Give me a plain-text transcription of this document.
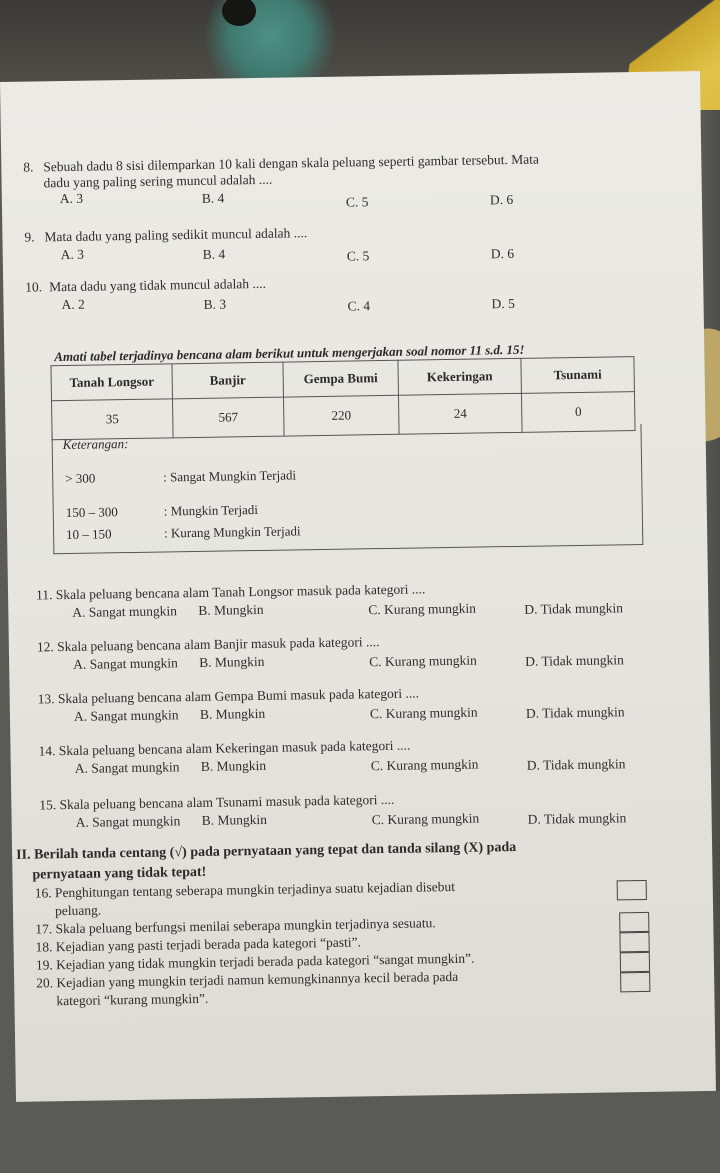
8. Sebuah dadu 8 sisi dilemparkan 10 kali dengan skala peluang seperti gambar tersebut. Mata
dadu yang paling sering muncul adalah ....
A. 3	B. 4	C. 5	D. 6
9. Mata dadu yang paling sedikit muncul adalah ....
A. 3	B. 4	C. 5	D. 6
10. Mata dadu yang tidak muncul adalah ....
A. 2	B. 3	C. 4	D. 5
Amati tabel terjadinya bencana alam berikut untuk mengerjakan soal nomor 11 s.d. 15!
Tanah Longsor	Banjir	Gempa Bumi	Kekeringan	Tsunami
35	567	220	24	0
Keterangan:
> 300	: Sangat Mungkin Terjadi
150 – 300	: Mungkin Terjadi
10 – 150	: Kurang Mungkin Terjadi
11. Skala peluang bencana alam Tanah Longsor masuk pada kategori ....
A. Sangat mungkin B. Mungkin	C. Kurang mungkin	D. Tidak mungkin
12. Skala peluang bencana alam Banjir masuk pada kategori ....
A. Sangat mungkin B. Mungkin	C. Kurang mungkin	D. Tidak mungkin
13. Skala peluang bencana alam Gempa Bumi masuk pada kategori ....
A. Sangat mungkin B. Mungkin	C. Kurang mungkin	D. Tidak mungkin
14. Skala peluang bencana alam Kekeringan masuk pada kategori ....
A. Sangat mungkin B. Mungkin	C. Kurang mungkin	D. Tidak mungkin
15. Skala peluang bencana alam Tsunami masuk pada kategori ....
A. Sangat mungkin B. Mungkin	C. Kurang mungkin	D. Tidak mungkin
II. Berilah tanda centang (√) pada pernyataan yang tepat dan tanda silang (X) pada
pernyataan yang tidak tepat!
16. Penghitungan tentang seberapa mungkin terjadinya suatu kejadian disebut
peluang.
17. Skala peluang berfungsi menilai seberapa mungkin terjadinya sesuatu.
18. Kejadian yang pasti terjadi berada pada kategori “pasti”.
19. Kejadian yang tidak mungkin terjadi berada pada kategori “sangat mungkin”.
20. Kejadian yang mungkin terjadi namun kemungkinannya kecil berada pada
kategori “kurang mungkin”.
